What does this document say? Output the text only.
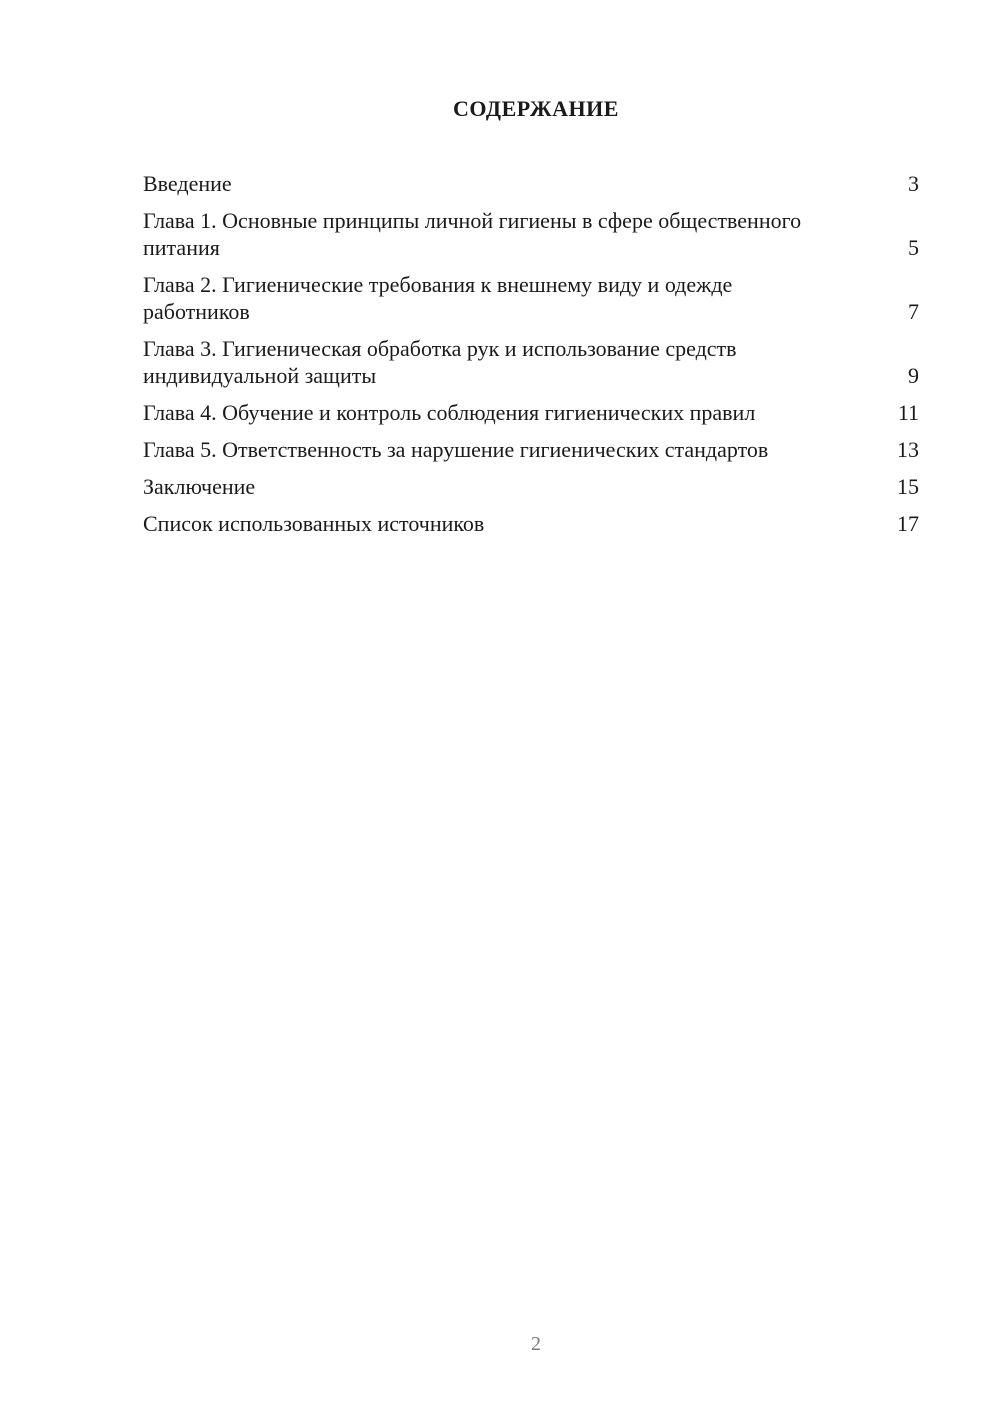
СОДЕРЖАНИЕ
Введение	3
Глава 1. Основные принципы личной гигиены в сфере общественного питания	5
Глава 2. Гигиенические требования к внешнему виду и одежде работников	7
Глава 3. Гигиеническая обработка рук и использование средств индивидуальной защиты	9
Глава 4. Обучение и контроль соблюдения гигиенических правил	11
Глава 5. Ответственность за нарушение гигиенических стандартов	13
Заключение	15
Список использованных источников	17
2
